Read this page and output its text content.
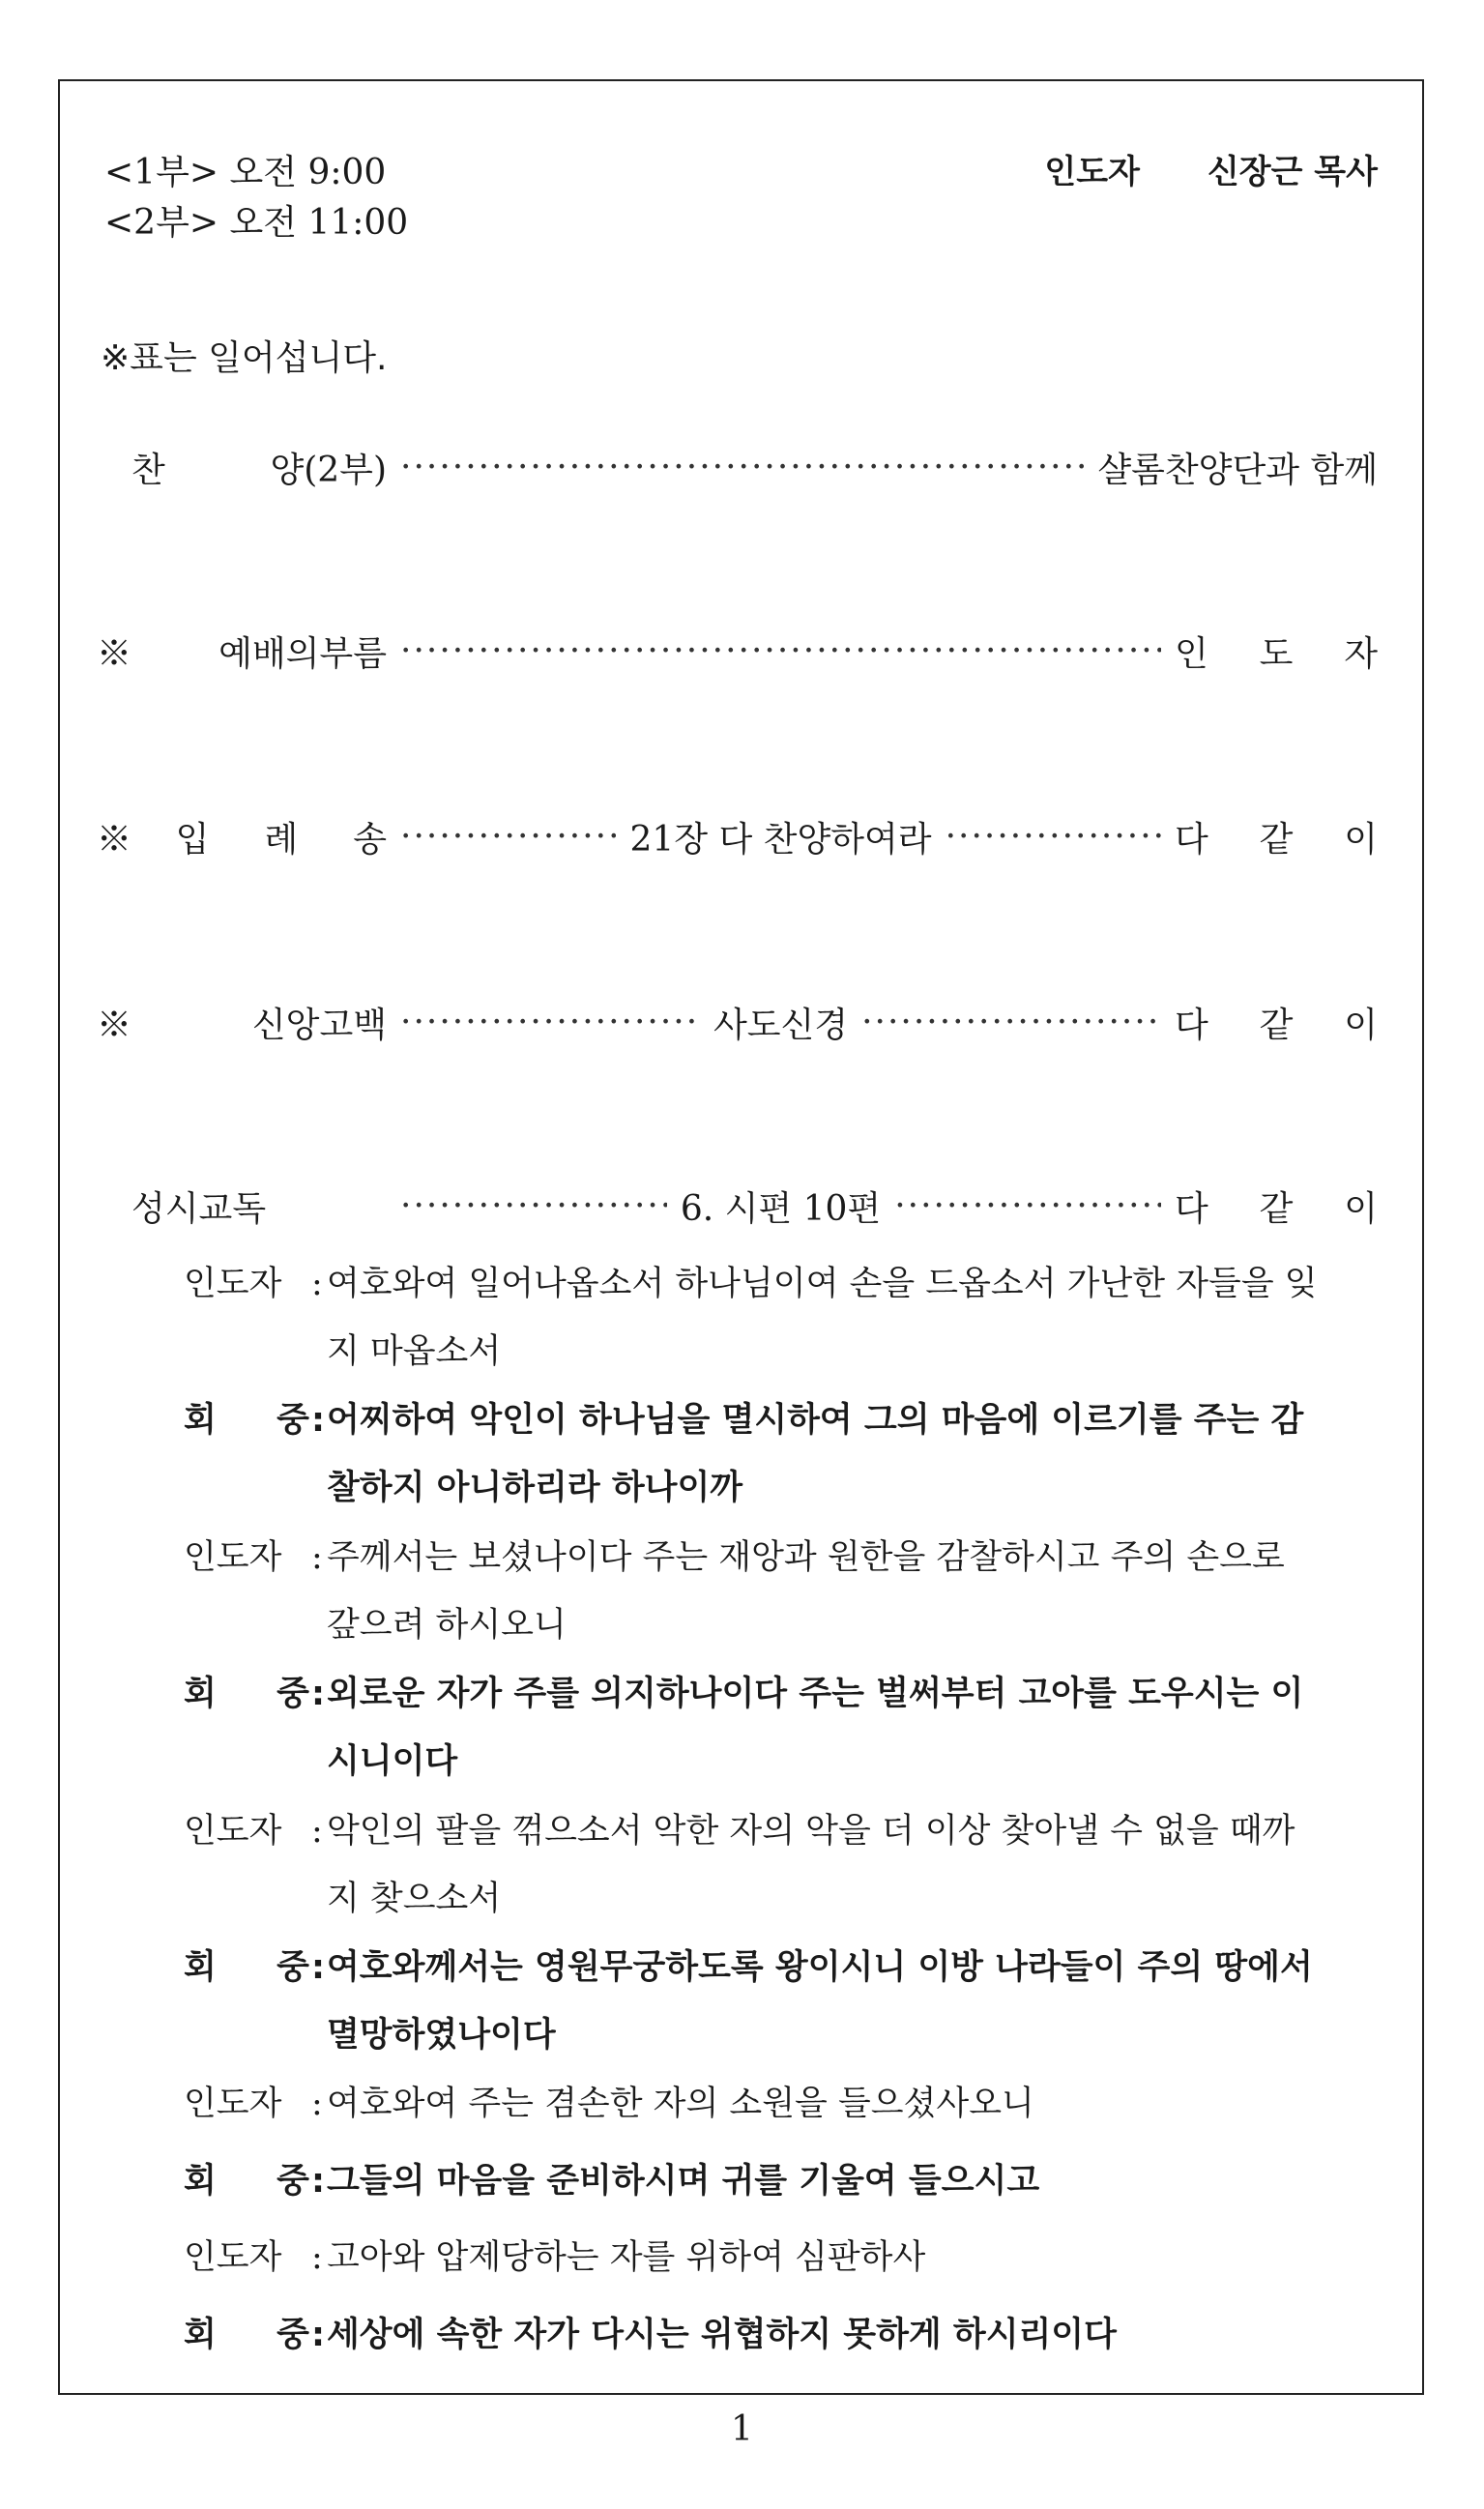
<1부> 오전 9:00
<2부> 오전 11:00
인도자 신장근 목사
※표는 일어섭니다.
찬 양(2부) ·····	샬롬찬양단과 함께
※예배의부름 ·····	인 도 자
※입 례 송 ·····	21장 다 찬양하여라 ·····	다 같 이
※신앙고백 ·····	사도신경 ·····	다 같 이
성시교독 ·····	6. 시편 10편 ·····	다 같 이
인도자 : 여호와여 일어나옵소서 하나님이여 손을 드옵소서 가난한 자들을 잊지 마옵소서
회 중 : 어찌하여 악인이 하나님을 멸시하여 그의 마음에 이르기를 주는 감찰하지 아니하리라 하나이까
인도자 : 주께서는 보셨나이다 주는 재앙과 원한을 감찰하시고 주의 손으로 갚으려 하시오니
회 중 : 외로운 자가 주를 의지하나이다 주는 벌써부터 고아를 도우시는 이시니이다
인도자 : 악인의 팔을 꺾으소서 악한 자의 악을 더 이상 찾아낼 수 없을 때까지 찾으소서
회 중 : 여호와께서는 영원무궁하도록 왕이시니 이방 나라들이 주의 땅에서 멸망하였나이다
인도자 : 여호와여 주는 겸손한 자의 소원을 들으셨사오니
회 중 : 그들의 마음을 준비하시며 귀를 기울여 들으시고
인도자 : 고아와 압제당하는 자를 위하여 심판하사
회 중 : 세상에 속한 자가 다시는 위협하지 못하게 하시리이다
1
